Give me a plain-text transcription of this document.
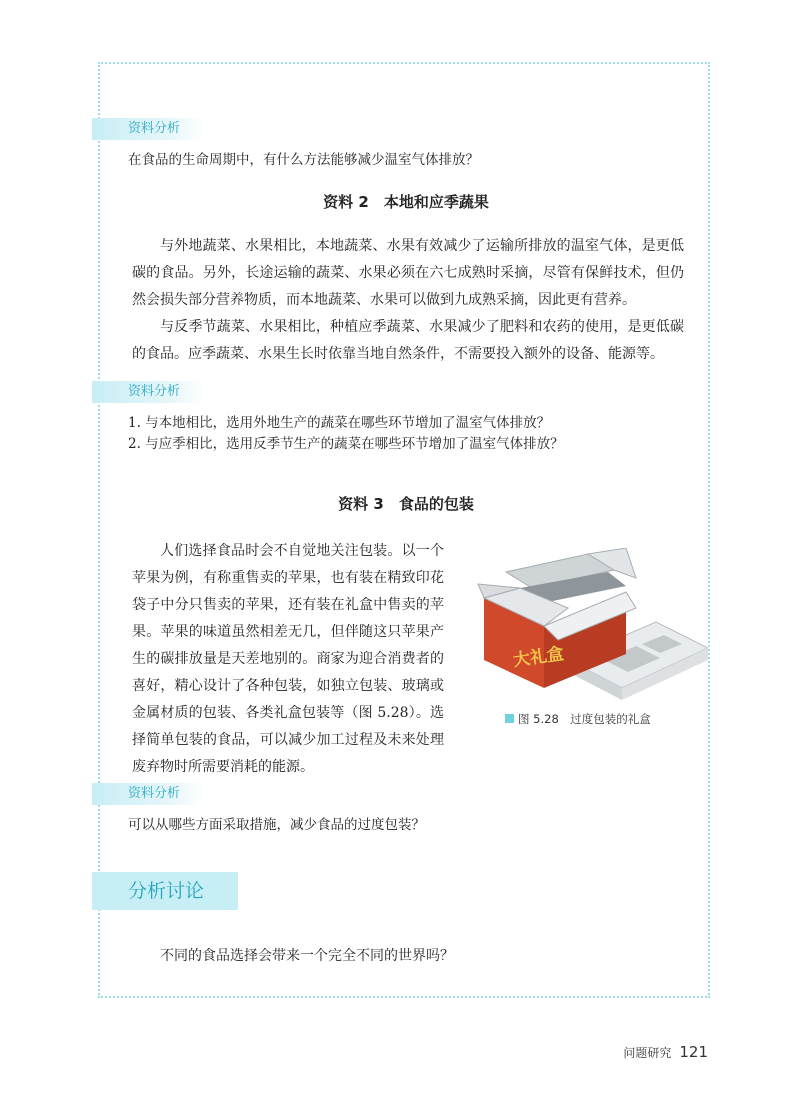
资料分析
在食品的生命周期中，有什么方法能够减少温室气体排放？
资料 2　本地和应季蔬果

与外地蔬菜、水果相比，本地蔬菜、水果有效减少了运输所排放的温室气体，是更低碳的食品。另外，长途运输的蔬菜、水果必须在六七成熟时采摘，尽管有保鲜技术，但仍然会损失部分营养物质，而本地蔬菜、水果可以做到九成熟采摘，因此更有营养。

与反季节蔬菜、水果相比，种植应季蔬菜、水果减少了肥料和农药的使用，是更低碳的食品。应季蔬菜、水果生长时依靠当地自然条件，不需要投入额外的设备、能源等。

资料分析
1. 与本地相比，选用外地生产的蔬菜在哪些环节增加了温室气体排放？
2. 与应季相比，选用反季节生产的蔬菜在哪些环节增加了温室气体排放？
资料 3　食品的包装

人们选择食品时会不自觉地关注包装。以一个苹果为例，有称重售卖的苹果，也有装在精致印花袋子中分只售卖的苹果，还有装在礼盒中售卖的苹果。苹果的味道虽然相差无几，但伴随这只苹果产生的碳排放量是天差地别的。商家为迎合消费者的喜好，精心设计了各种包装，如独立包装、玻璃或金属材质的包装、各类礼盒包装等（图 5.28）。选择简单包装的食品，可以减少加工过程及未来处理废弃物时所需要消耗的能源。

大礼盒
图 5.28　过度包装的礼盒
资料分析
可以从哪些方面采取措施，减少食品的过度包装？
分析讨论
不同的食品选择会带来一个完全不同的世界吗？
问题研究 121
